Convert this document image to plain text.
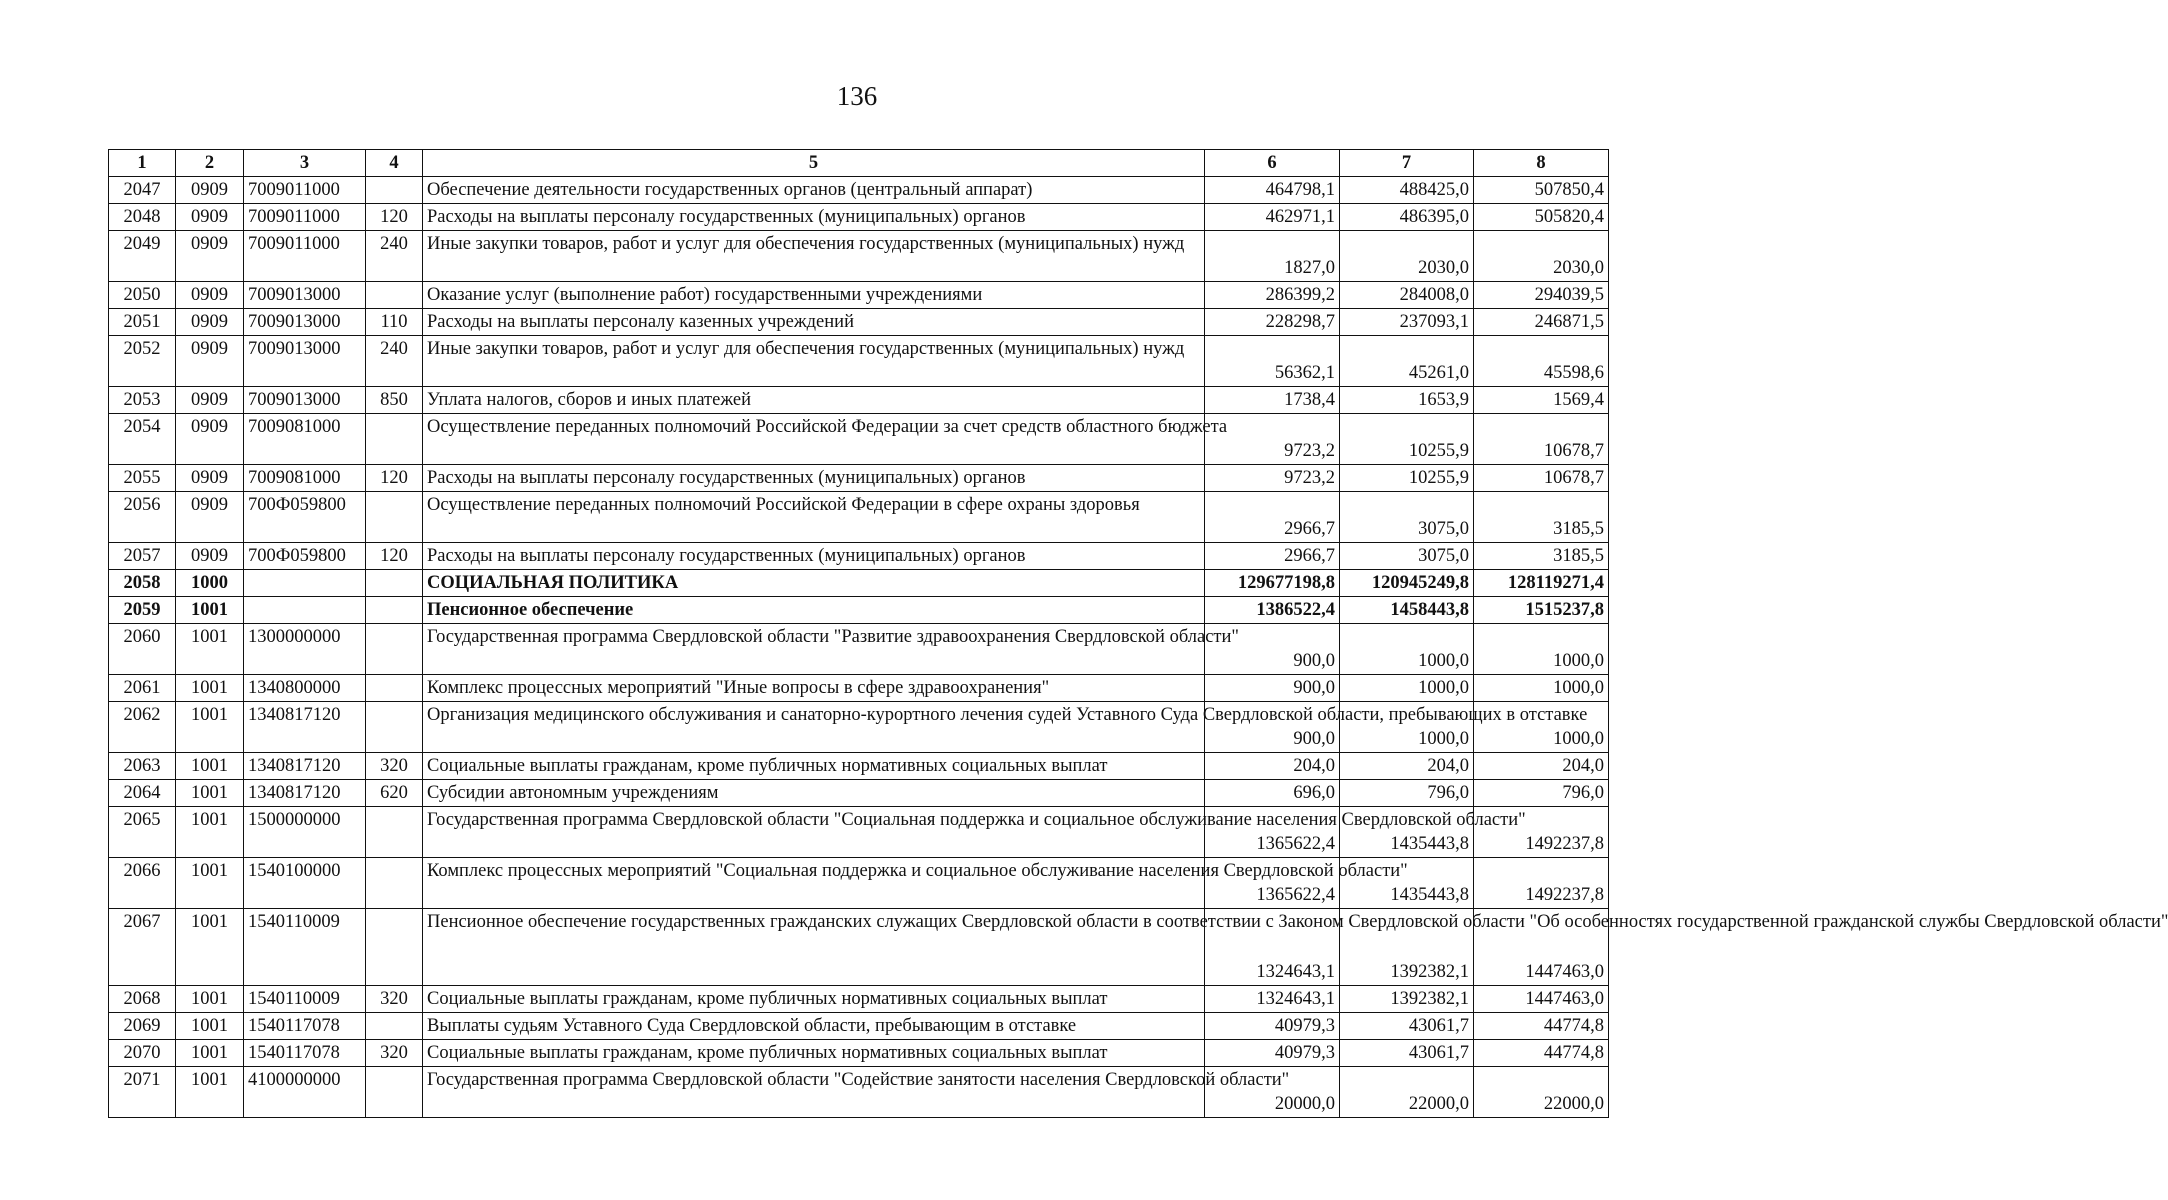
136
1	2	3	4	5	6	7	8
2047	0909	7009011000		Обеспечение деятельности государственных органов (центральный аппарат)	464798,1	488425,0	507850,4
2048	0909	7009011000	120	Расходы на выплаты персоналу государственных (муниципальных) органов	462971,1	486395,0	505820,4
2049	0909	7009011000	240	Иные закупки товаров, работ и услуг для обеспечения государственных (муниципальных) нужд	1827,0	2030,0	2030,0
2050	0909	7009013000		Оказание услуг (выполнение работ) государственными учреждениями	286399,2	284008,0	294039,5
2051	0909	7009013000	110	Расходы на выплаты персоналу казенных учреждений	228298,7	237093,1	246871,5
2052	0909	7009013000	240	Иные закупки товаров, работ и услуг для обеспечения государственных (муниципальных) нужд	56362,1	45261,0	45598,6
2053	0909	7009013000	850	Уплата налогов, сборов и иных платежей	1738,4	1653,9	1569,4
2054	0909	7009081000		Осуществление переданных полномочий Российской Федерации за счет средств областного бюджета	9723,2	10255,9	10678,7
2055	0909	7009081000	120	Расходы на выплаты персоналу государственных (муниципальных) органов	9723,2	10255,9	10678,7
2056	0909	700Ф059800		Осуществление переданных полномочий Российской Федерации в сфере охраны здоровья	2966,7	3075,0	3185,5
2057	0909	700Ф059800	120	Расходы на выплаты персоналу государственных (муниципальных) органов	2966,7	3075,0	3185,5
2058	1000			СОЦИАЛЬНАЯ ПОЛИТИКА	129677198,8	120945249,8	128119271,4
2059	1001			Пенсионное обеспечение	1386522,4	1458443,8	1515237,8
2060	1001	1300000000		Государственная программа Свердловской области "Развитие здравоохранения Свердловской области"	900,0	1000,0	1000,0
2061	1001	1340800000		Комплекс процессных мероприятий "Иные вопросы в сфере здравоохранения"	900,0	1000,0	1000,0
2062	1001	1340817120		Организация медицинского обслуживания и санаторно-курортного лечения судей Уставного Суда Свердловской области, пребывающих в отставке	900,0	1000,0	1000,0
2063	1001	1340817120	320	Социальные выплаты гражданам, кроме публичных нормативных социальных выплат	204,0	204,0	204,0
2064	1001	1340817120	620	Субсидии автономным учреждениям	696,0	796,0	796,0
2065	1001	1500000000		Государственная программа Свердловской области "Социальная поддержка и социальное обслуживание населения Свердловской области"	1365622,4	1435443,8	1492237,8
2066	1001	1540100000		Комплекс процессных мероприятий "Социальная поддержка и социальное обслуживание населения Свердловской области"	1365622,4	1435443,8	1492237,8
2067	1001	1540110009		Пенсионное обеспечение государственных гражданских служащих Свердловской области в соответствии с Законом Свердловской области "Об особенностях государственной гражданской службы Свердловской области"	1324643,1	1392382,1	1447463,0
2068	1001	1540110009	320	Социальные выплаты гражданам, кроме публичных нормативных социальных выплат	1324643,1	1392382,1	1447463,0
2069	1001	1540117078		Выплаты судьям Уставного Суда Свердловской области, пребывающим в отставке	40979,3	43061,7	44774,8
2070	1001	1540117078	320	Социальные выплаты гражданам, кроме публичных нормативных социальных выплат	40979,3	43061,7	44774,8
2071	1001	4100000000		Государственная программа Свердловской области "Содействие занятости населения Свердловской области"	20000,0	22000,0	22000,0
